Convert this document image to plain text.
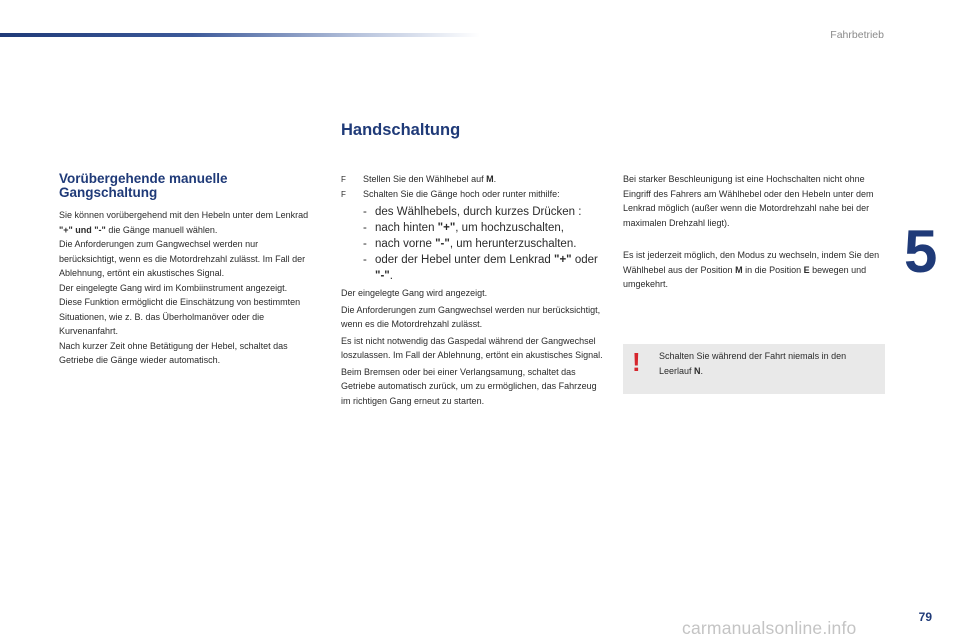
Fahrbetrieb
5
Handschaltung
Vorübergehende manuelle Gangschaltung
Sie können vorübergehend mit den Hebeln unter dem Lenkrad "+" und "-" die Gänge manuell wählen.
Die Anforderungen zum Gangwechsel werden nur berücksichtigt, wenn es die Motordrehzahl zulässt. Im Fall der Ablehnung, ertönt ein akustisches Signal.
Der eingelegte Gang wird im Kombiinstrument angezeigt.
Diese Funktion ermöglicht die Einschätzung von bestimmten Situationen, wie z. B. das Überholmanöver oder die Kurvenanfahrt.
Nach kurzer Zeit ohne Betätigung der Hebel, schaltet das Getriebe die Gänge wieder automatisch.
F Stellen Sie den Wählhebel auf M.
F Schalten Sie die Gänge hoch oder runter mithilfe:
- des Wählhebels, durch kurzes Drücken :
- nach hinten "+", um hochzuschalten,
- nach vorne "-", um herunterzuschalten.
- oder der Hebel unter dem Lenkrad "+" oder "-".
Der eingelegte Gang wird angezeigt.
Die Anforderungen zum Gangwechsel werden nur berücksichtigt, wenn es die Motordrehzahl zulässt.
Es ist nicht notwendig das Gaspedal während der Gangwechsel loszulassen. Im Fall der Ablehnung, ertönt ein akustisches Signal.
Beim Bremsen oder bei einer Verlangsamung, schaltet das Getriebe automatisch zurück, um zu ermöglichen, das Fahrzeug im richtigen Gang erneut zu starten.
Bei starker Beschleunigung ist eine Hochschalten nicht ohne Eingriff des Fahrers am Wählhebel oder den Hebeln unter dem Lenkrad möglich (außer wenn die Motordrehzahl nahe bei der maximalen Drehzahl liegt).
Es ist jederzeit möglich, den Modus zu wechseln, indem Sie den Wählhebel aus der Position M in die Position E bewegen und umgekehrt.
! Schalten Sie während der Fahrt niemals in den Leerlauf N.
carmanualsonline.info
79
